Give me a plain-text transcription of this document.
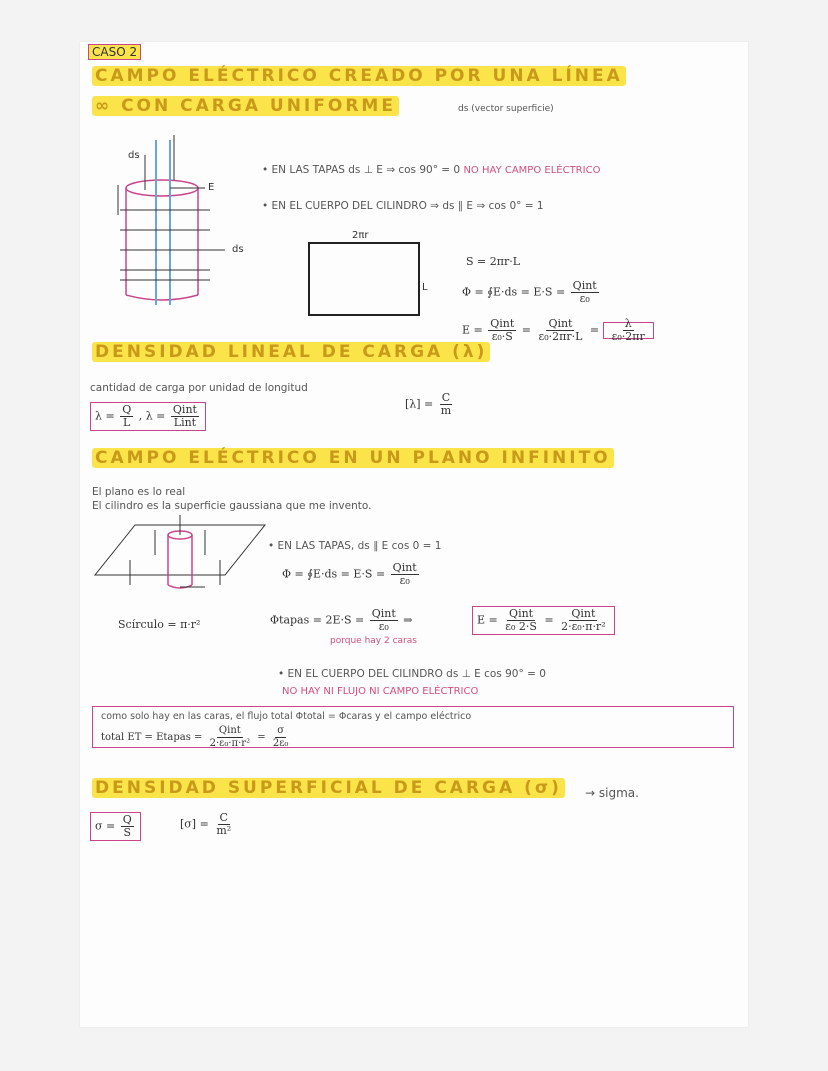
CASO 2
CAMPO ELÉCTRICO CREADO POR UNA LÍNEA
∞ CON CARGA UNIFORME	ds (vector superficie)
ds
E
ds
• EN LAS TAPAS ds ⊥ E ⇒ cos 90° = 0 NO HAY CAMPO ELÉCTRICO
• EN EL CUERPO DEL CILINDRO ⇒ ds ∥ E ⇒ cos 0° = 1
2πr
L
S = 2πr·L
Φ = ∮E·ds = $E\cdot S = \frac{\text{Qint}}{\text{ε₀}}$
$E = \frac{\text{Qint}}{\text{ε₀·S}} = \frac{\text{Qint}}{\text{ε₀·2πr·L}} = \frac{\lambda}{\text{ε₀·2πr}}$
DENSIDAD LINEAL DE CARGA (λ)
cantidad de carga por unidad de longitud
$[\lambda] = \frac{C}{m}$
$\lambda = \frac{Q}{L}$ , $\lambda = \frac{\text{Qint}}{\text{Lint}}$
CAMPO ELÉCTRICO EN UN PLANO INFINITO
El plano es lo real
El cilindro es la superficie gaussiana que me invento.
• EN LAS TAPAS, ds ∥ E cos 0 = 1
Φ = ∮E·ds = $E\cdot S = \frac{\text{Qint}}{\text{ε₀}}$
Scírculo = π·r²	Φtapas = $2E\cdot S = \frac{\text{Qint}}{\text{ε₀}}$ ⇒	$E = \frac{\text{Qint}}{\text{ε₀ 2·S}} = \frac{\text{Qint}}{\text{2·ε₀·π·r²}}$
porque hay 2 caras
• EN EL CUERPO DEL CILINDRO ds ⊥ E cos 90° = 0
NO HAY NI FLUJO NI CAMPO ELÉCTRICO
como solo hay en las caras, el flujo total Φtotal = Φcaras y el campo eléctrico
total ET = Etapas = $\frac{\text{Qint}}{\text{2·ε₀·π·r²}} = \frac{\sigma}{\text{2ε₀}}$
DENSIDAD SUPERFICIAL DE CARGA (σ) → sigma.
$\sigma = \frac{Q}{S}$	$[\sigma] = \frac{C}{\text{m²}}$
